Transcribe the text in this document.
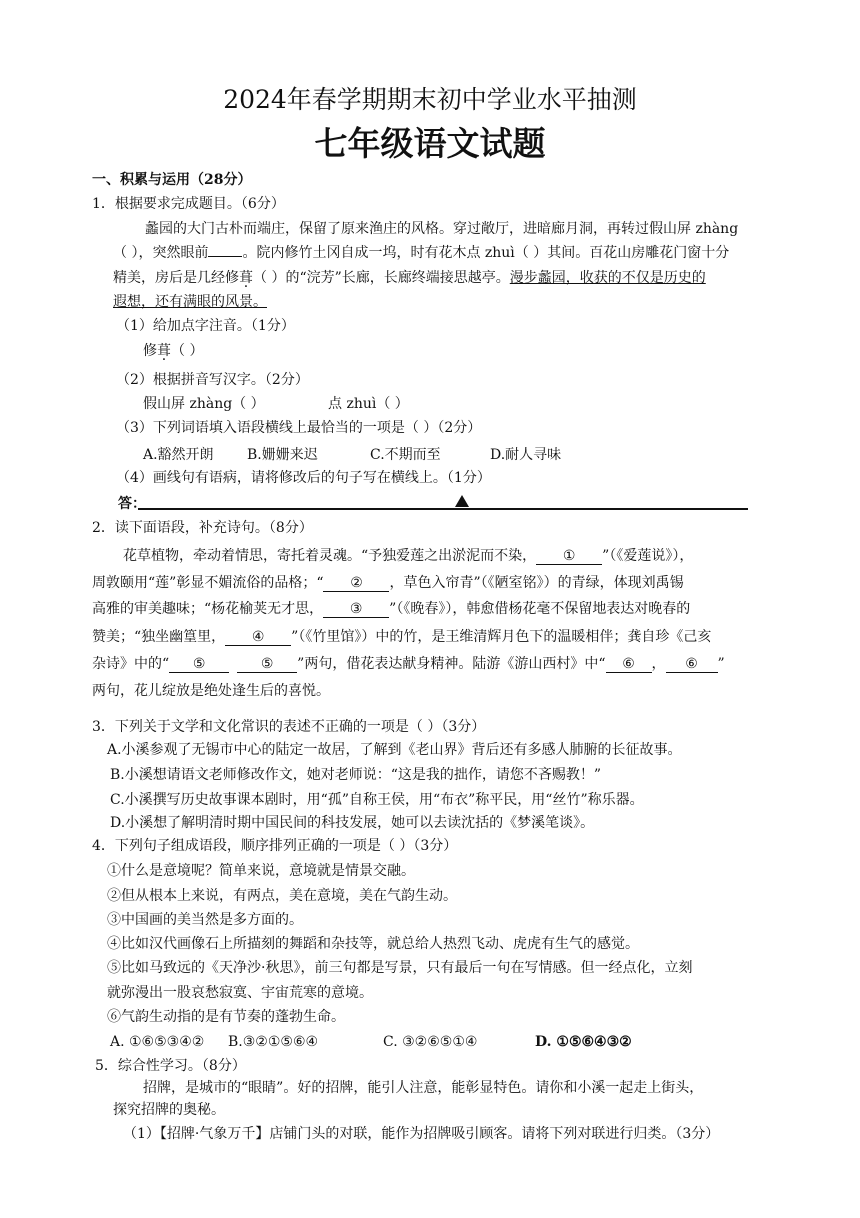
2024年春学期期末初中学业水平抽测
七年级语文试题
一、积累与运用（28分）
1．根据要求完成题目。（6分）
蠡园的大门古朴而端庄，保留了原来渔庄的风格。穿过敞厅，进暗廊月洞，再转过假山屏 zhàng
（ ），突然眼前 。院内修竹土冈自成一坞，时有花木点 zhuì（ ）其间。百花山房雕花门窗十分
精美，房后是几经修葺（ ）的“浣芳”长廊，长廊终端接思越亭。漫步蠡园，收获的不仅是历史的
遐想，还有满眼的风景。
（1）给加点字注音。（1分）
修葺（ ）
（2）根据拼音写汉字。（2分）
假山屏 zhàng（ ）	点 zhuì（ ）
（3）下列词语填入语段横线上最恰当的一项是（ ）（2分）
A.豁然开朗 B.姗姗来迟	C.不期而至	D.耐人寻味
（4）画线句有语病，请将修改后的句子写在横线上。（1分）
答：
2．读下面语段，补充诗句。（8分）
花草植物，牵动着情思，寄托着灵魂。“予独爱莲之出淤泥而不染， ① ”（《爱莲说》），
周敦颐用“莲”彰显不媚流俗的品格；“ ② ，草色入帘青”（《陋室铭》）的青绿，体现刘禹锡
高雅的审美趣味；“杨花榆荚无才思， ③ ”（《晚春》），韩愈借杨花毫不保留地表达对晚春的
赞美；“独坐幽篁里， ④ ”（《竹里馆》）中的竹，是王维清辉月色下的温暖相伴；龚自珍《己亥
杂诗》中的“ ⑤	⑤ ”两句，借花表达献身精神。陆游《游山西村》中“ ⑥ ， ⑥ ”
两句，花儿绽放是绝处逢生后的喜悦。
3．下列关于文学和文化常识的表述不正确的一项是（ ）（3分）
A.小溪参观了无锡市中心的陆定一故居，了解到《老山界》背后还有多感人肺腑的长征故事。
B.小溪想请语文老师修改作文，她对老师说：“这是我的拙作，请您不吝赐教！”
C.小溪撰写历史故事课本剧时，用“孤”自称王侯，用“布衣”称平民，用“丝竹”称乐器。
D.小溪想了解明清时期中国民间的科技发展，她可以去读沈括的《梦溪笔谈》。
4．下列句子组成语段，顺序排列正确的一项是（ ）（3分）
①什么是意境呢？简单来说，意境就是情景交融。
②但从根本上来说，有两点，美在意境，美在气韵生动。
③中国画的美当然是多方面的。
④比如汉代画像石上所描刻的舞蹈和杂技等，就总给人热烈飞动、虎虎有生气的感觉。
⑤比如马致远的《天净沙·秋思》，前三句都是写景，只有最后一句在写情感。但一经点化，立刻
就弥漫出一股哀愁寂寞、宇宙荒寒的意境。
⑥气韵生动指的是有节奏的蓬勃生命。
A. ①⑥⑤③④② B.③②①⑤⑥④	C. ③②⑥⑤①④	D. ①⑤⑥④③②
5．综合性学习。（8分）
招牌，是城市的“眼睛”。好的招牌，能引人注意，能彰显特色。请你和小溪一起走上街头，
探究招牌的奥秘。
（1）【招牌·气象万千】店铺门头的对联，能作为招牌吸引顾客。请将下列对联进行归类。（3分）
